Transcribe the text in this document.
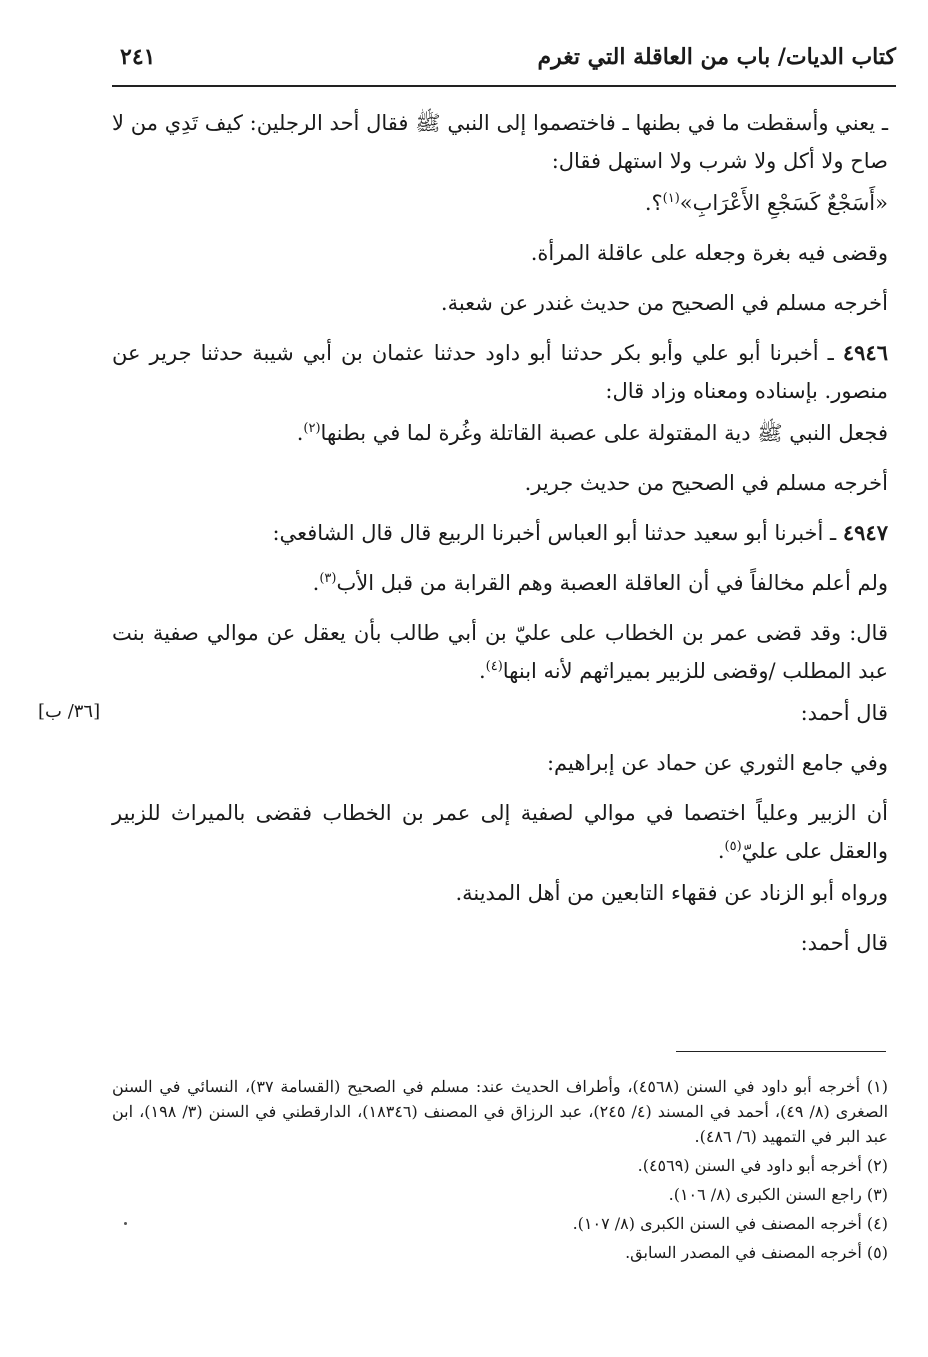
كتاب الديات/ باب من العاقلة التي تغرم
٢٤١
[٣٦/ ب]

ـ يعني وأسقطت ما في بطنها ـ فاختصموا إلى النبي ﷺ فقال أحد الرجلين: كيف تَدِي من لا صاح ولا أكل ولا شرب ولا استهل فقال:

«أَسَجْعٌ كَسَجْعِ الأَعْرَابِ»$^{(١)}$؟.

وقضى فيه بغرة وجعله على عاقلة المرأة.

أخرجه مسلم في الصحيح من حديث غندر عن شعبة.

٤٩٤٦ ـ أخبرنا أبو علي وأبو بكر حدثنا أبو داود حدثنا عثمان بن أبي شيبة حدثنا جرير عن منصور. بإسناده ومعناه وزاد قال:

فجعل النبي ﷺ دية المقتولة على عصبة القاتلة وغُرة لما في بطنها$^{(٢)}$.

أخرجه مسلم في الصحيح من حديث جرير.

٤٩٤٧ ـ أخبرنا أبو سعيد حدثنا أبو العباس أخبرنا الربيع قال قال الشافعي:

ولم أعلم مخالفاً في أن العاقلة العصبة وهم القرابة من قبل الأب$^{(٣)}$.

قال: وقد قضى عمر بن الخطاب على عليّ بن أبي طالب بأن يعقل عن موالي صفية بنت عبد المطلب /وقضى للزبير بميراثهم لأنه ابنها$^{(٤)}$.

قال أحمد:

وفي جامع الثوري عن حماد عن إبراهيم:

أن الزبير وعلياً اختصما في موالي لصفية إلى عمر بن الخطاب فقضى بالميراث للزبير والعقل على عليّ$^{(٥)}$.

ورواه أبو الزناد عن فقهاء التابعين من أهل المدينة.

قال أحمد:

(١) أخرجه أبو داود في السنن (٤٥٦٨)، وأطراف الحديث عند: مسلم في الصحيح (القسامة ٣٧)، النسائي في السنن الصغرى (٨/ ٤٩)، أحمد في المسند (٤/ ٢٤٥)، عبد الرزاق في المصنف (١٨٣٤٦)، الدارقطني في السنن (٣/ ١٩٨)، ابن عبد البر في التمهيد (٦/ ٤٨٦).
(٢) أخرجه أبو داود في السنن (٤٥٦٩).
(٣) راجع السنن الكبرى (٨/ ١٠٦).
(٤) أخرجه المصنف في السنن الكبرى (٨/ ١٠٧).
(٥) أخرجه المصنف في المصدر السابق.
